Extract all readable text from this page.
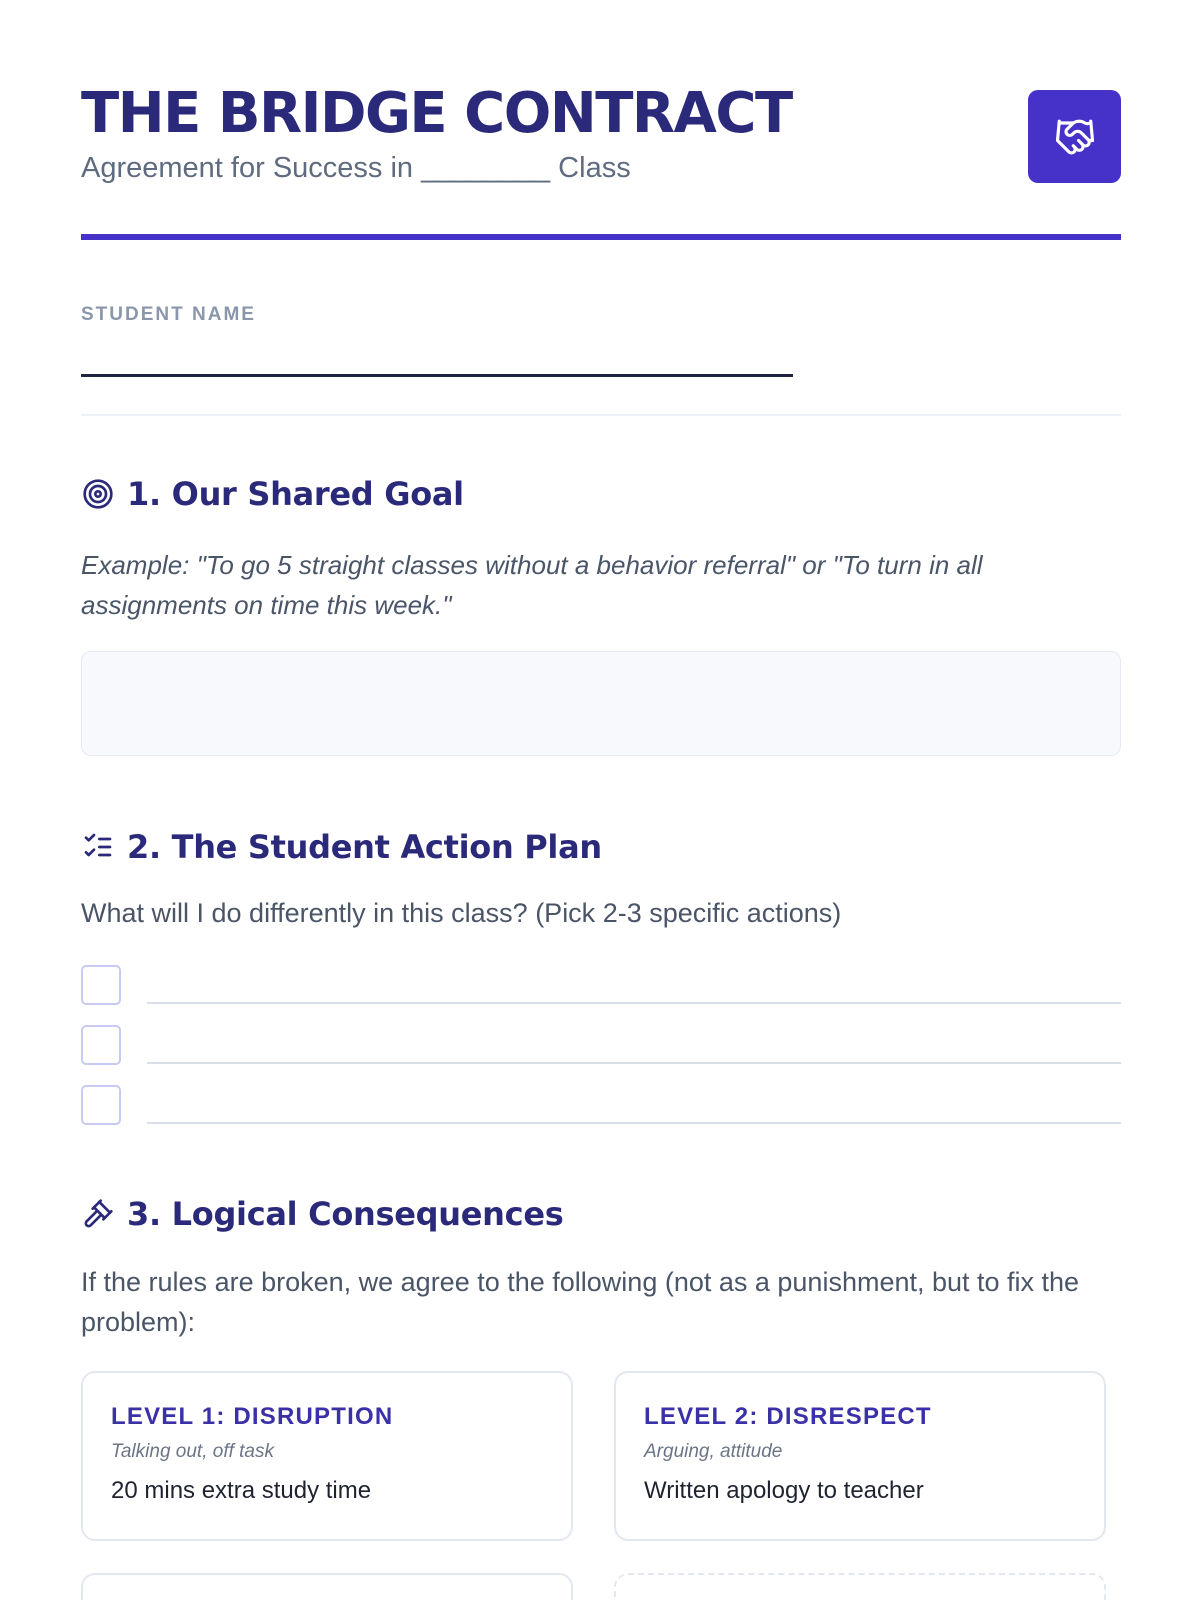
THE BRIDGE CONTRACT
Agreement for Success in ________ Class
STUDENT NAME
1. Our Shared Goal
Example: "To go 5 straight classes without a behavior referral" or "To turn in all assignments on time this week."
2. The Student Action Plan
What will I do differently in this class? (Pick 2-3 specific actions)
3. Logical Consequences
If the rules are broken, we agree to the following (not as a punishment, but to fix the problem):
LEVEL 1: DISRUPTION
Talking out, off task
20 mins extra study time
LEVEL 2: DISRESPECT
Arguing, attitude
Written apology to teacher
